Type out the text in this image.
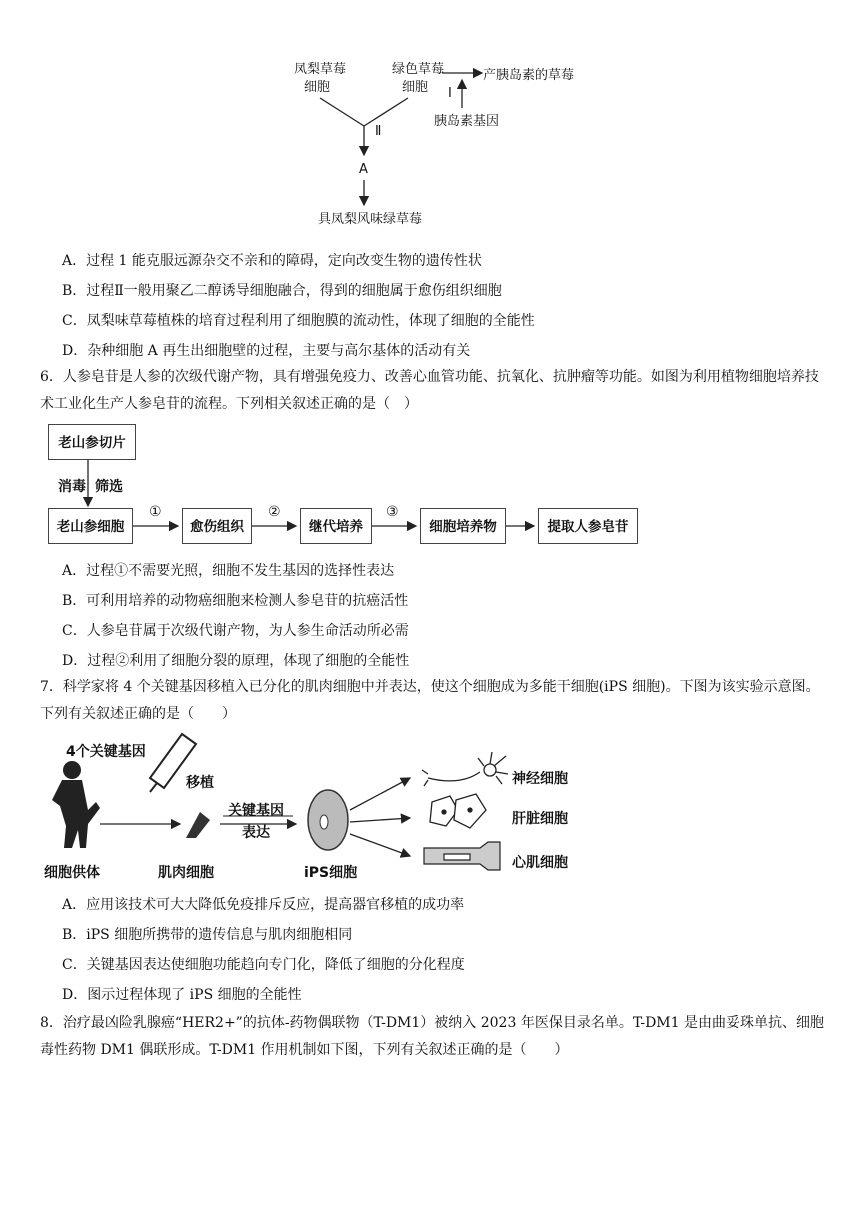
凤梨草莓
细胞
绿色草莓
细胞
产胰岛素的草莓
I
胰岛素基因
Ⅱ
A
具凤梨风味绿草莓
A．过程 1 能克服远源杂交不亲和的障碍，定向改变生物的遗传性状
B．过程Ⅱ一般用聚乙二醇诱导细胞融合，得到的细胞属于愈伤组织细胞
C．凤梨味草莓植株的培育过程利用了细胞膜的流动性，体现了细胞的全能性
D．杂种细胞 A 再生出细胞壁的过程，主要与高尔基体的活动有关
6．人参皂苷是人参的次级代谢产物，具有增强免疫力、改善心血管功能、抗氧化、抗肿瘤等功能。如图为利用植物细胞培养技术工业化生产人参皂苷的流程。下列相关叙述正确的是（　）
老山参切片
消毒 筛选
老山参细胞
①
愈伤组织
②
继代培养
③
细胞培养物	提取人参皂苷
A．过程①不需要光照，细胞不发生基因的选择性表达
B．可利用培养的动物癌细胞来检测人参皂苷的抗癌活性
C．人参皂苷属于次级代谢产物，为人参生命活动所必需
D．过程②利用了细胞分裂的原理，体现了细胞的全能性
7．科学家将 4 个关键基因移植入已分化的肌肉细胞中并表达，使这个细胞成为多能干细胞(iPS 细胞)。下图为该实验示意图。下列有关叙述正确的是（　　）
4个关键基因
移植
关键基因
表达
细胞供体	肌肉细胞	iPS细胞
神经细胞
肝脏细胞
心肌细胞
A．应用该技术可大大降低免疫排斥反应，提高器官移植的成功率
B．iPS 细胞所携带的遗传信息与肌肉细胞相同
C．关键基因表达使细胞功能趋向专门化，降低了细胞的分化程度
D．图示过程体现了 iPS 细胞的全能性
8．治疗最凶险乳腺癌“HER2+”的抗体-药物偶联物（T-DM1）被纳入 2023 年医保目录名单。T-DM1 是由曲妥珠单抗、细胞毒性药物 DM1 偶联形成。T-DM1 作用机制如下图，下列有关叙述正确的是（　　）
